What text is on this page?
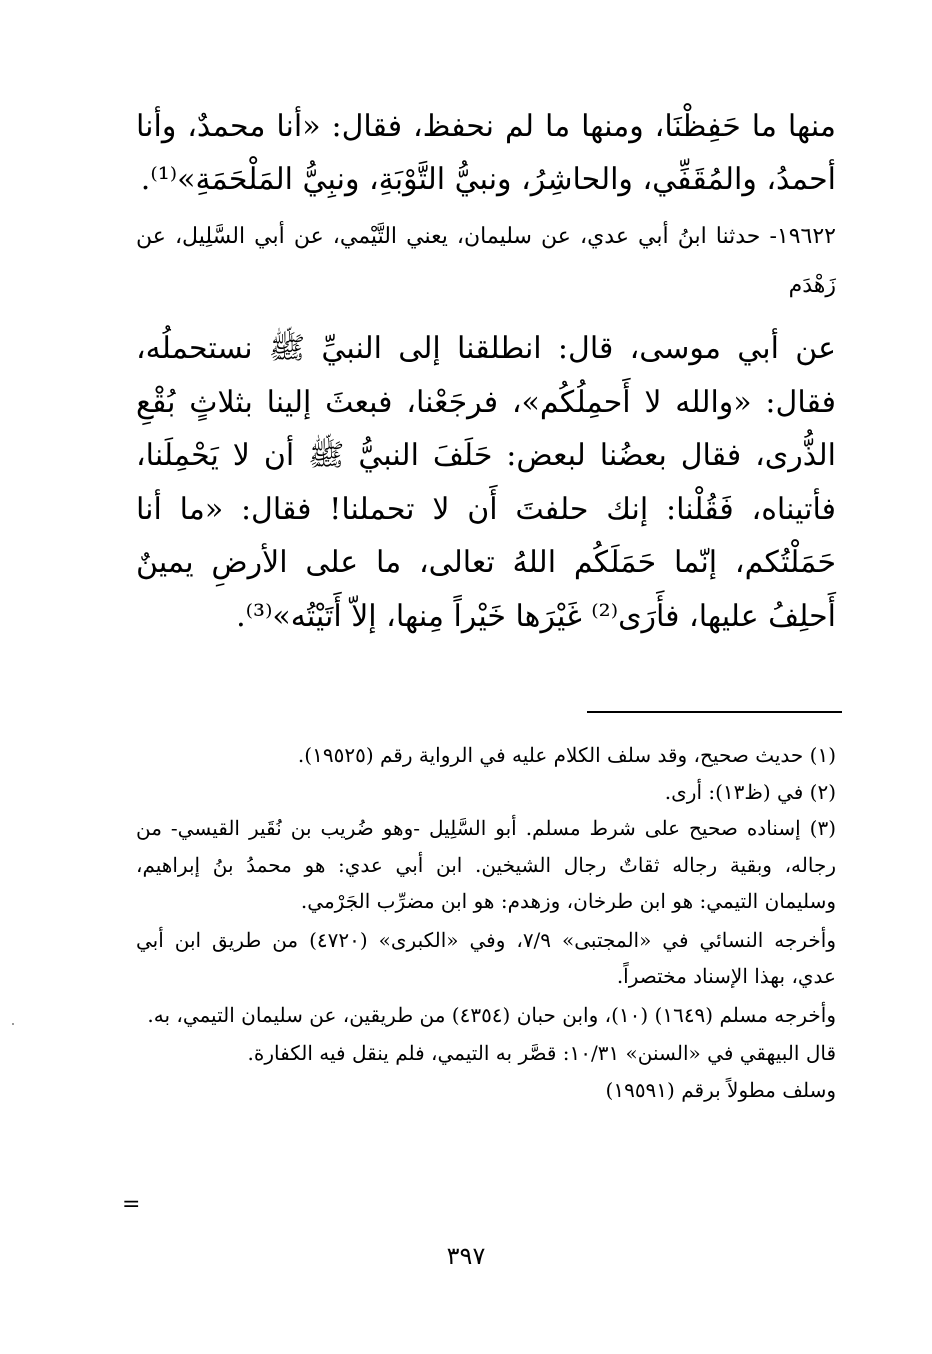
منها ما حَفِظْنَا، ومنها ما لم نحفظ، فقال: «أنا محمدٌ، وأنا أحمدُ، والمُقَفِّي، والحاشِرُ، ونبيُّ التَّوْبَةِ، ونبِيُّ المَلْحَمَةِ»⁽¹⁾.

١٩٦٢٢- حدثنا ابنُ أبي عدي، عن سليمان، يعني التَّيْمي، عن أبي السَّلِيل، عن زَهْدَم

عن أبي موسى، قال: انطلقنا إلى النبيِّ ﷺ نستحملُه، فقال: «والله لا أَحمِلُكُم»، فرجَعْنا، فبعثَ إلينا بثلاثٍ بُقْعِ الذُّرى، فقال بعضُنا لبعض: حَلَفَ النبيُّ ﷺ أن لا يَحْمِلَنا، فأتيناه، فَقُلْنا: إنك حلفتَ أَن لا تحملنا! فقال: «ما أنا حَمَلْتُكم، إنّما حَمَلَكُم اللهُ تعالى، ما على الأرضِ يمينٌ أَحلِفُ عليها، فأَرَى⁽²⁾ غَيْرَها خَيْراً مِنها، إلاّ أَتَيْتُه»⁽³⁾.

(١) حديث صحيح، وقد سلف الكلام عليه في الرواية رقم (١٩٥٢٥).

(٢) في (ظ١٣): أرى.

(٣) إسناده صحيح على شرط مسلم. أبو السَّلِيل -وهو ضُريب بن نُقَير القيسي- من رجاله، وبقية رجاله ثقاتٌ رجال الشيخين. ابن أبي عدي: هو محمدُ بنُ إبراهيم، وسليمان التيمي: هو ابن طرخان، وزهدم: هو ابن مضرِّب الجَرْمي.

وأخرجه النسائي في «المجتبى» ٧/٩، وفي «الكبرى» (٤٧٢٠) من طريق ابن أبي عدي، بهذا الإسناد مختصراً.

وأخرجه مسلم (١٦٤٩) (١٠)، وابن حبان (٤٣٥٤) من طريقين، عن سليمان التيمي، به.

قال البيهقي في «السنن» ١٠/٣١: قصَّر به التيمي، فلم ينقل فيه الكفارة.

وسلف مطولاً برقم (١٩٥٩١)

=
٣٩٧
